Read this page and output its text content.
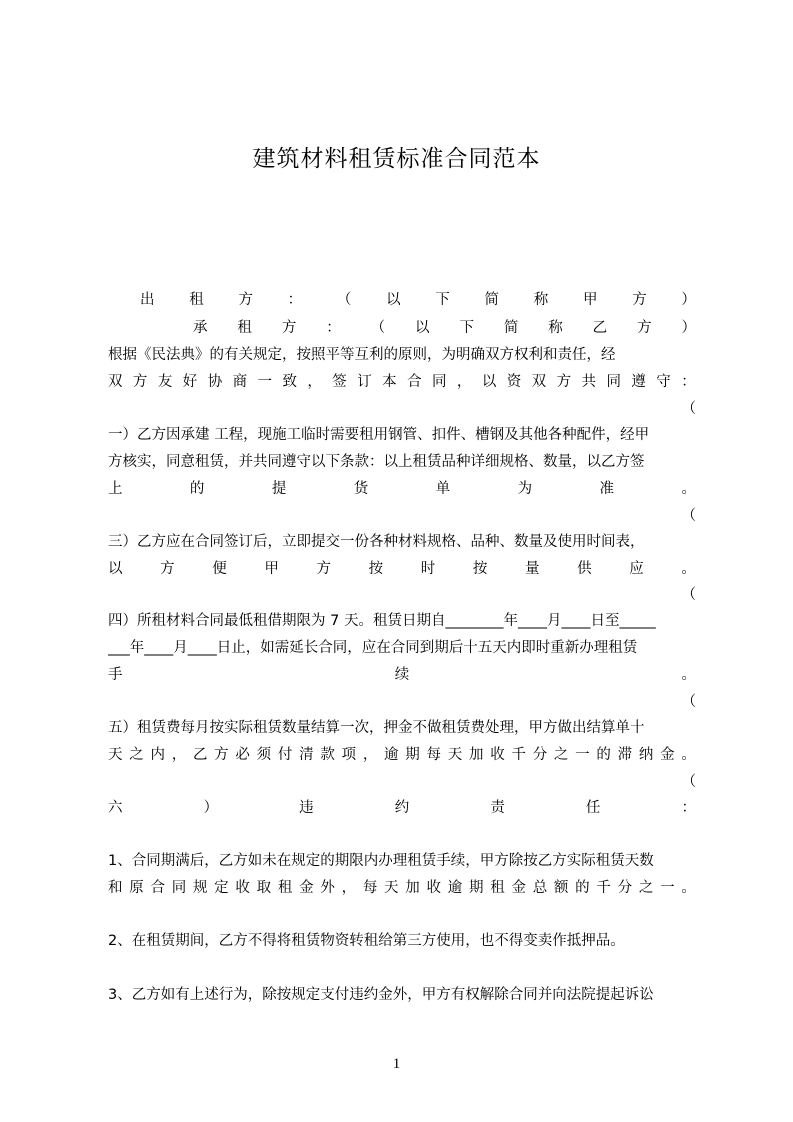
建筑材料租赁标准合同范本
出 租 方 ： （ 以 下 简 称 甲 方 ）
承 租 方 ： （ 以 下 简 称 乙 方 ）
根据《民法典》的有关规定，按照平等互利的原则，为明确双方权利和责任，经
双 方 友 好 协 商 一 致 ， 签 订 本 合 同 ， 以 资 双 方 共 同 遵 守 ：
（
一）乙方因承建 工程，现施工临时需要租用钢管、扣件、槽钢及其他各种配件，经甲
方核实，同意租赁，并共同遵守以下条款：以上租赁品种详细规格、数量，以乙方签
上	的	提	货	单	为	准	。
（
三）乙方应在合同签订后，立即提交一份各种材料规格、品种、数量及使用时间表，
以	方	便	甲	方	按	时	按	量	供	应	。
（
四）所租材料合同最低租借期限为 7 天。租赁日期自________年____月____日至_____
___年____月____日止，如需延长合同，应在合同到期后十五天内即时重新办理租赁
手	续	。
（
五）租赁费每月按实际租赁数量结算一次，押金不做租赁费处理，甲方做出结算单十
天 之 内 ， 乙 方 必 须 付 清 款 项 ， 逾 期 每 天 加 收 千 分 之 一 的 滞 纳 金 。
（
六	）	违	约	责	任	：
1、合同期满后，乙方如未在规定的期限内办理租赁手续，甲方除按乙方实际租赁天数
和 原 合 同 规 定 收 取 租 金 外 ， 每 天 加 收 逾 期 租 金 总 额 的 千 分 之 一 。
2、在租赁期间，乙方不得将租赁物资转租给第三方使用，也不得变卖作抵押品。
3、乙方如有上述行为，除按规定支付违约金外，甲方有权解除合同并向法院提起诉讼
1
